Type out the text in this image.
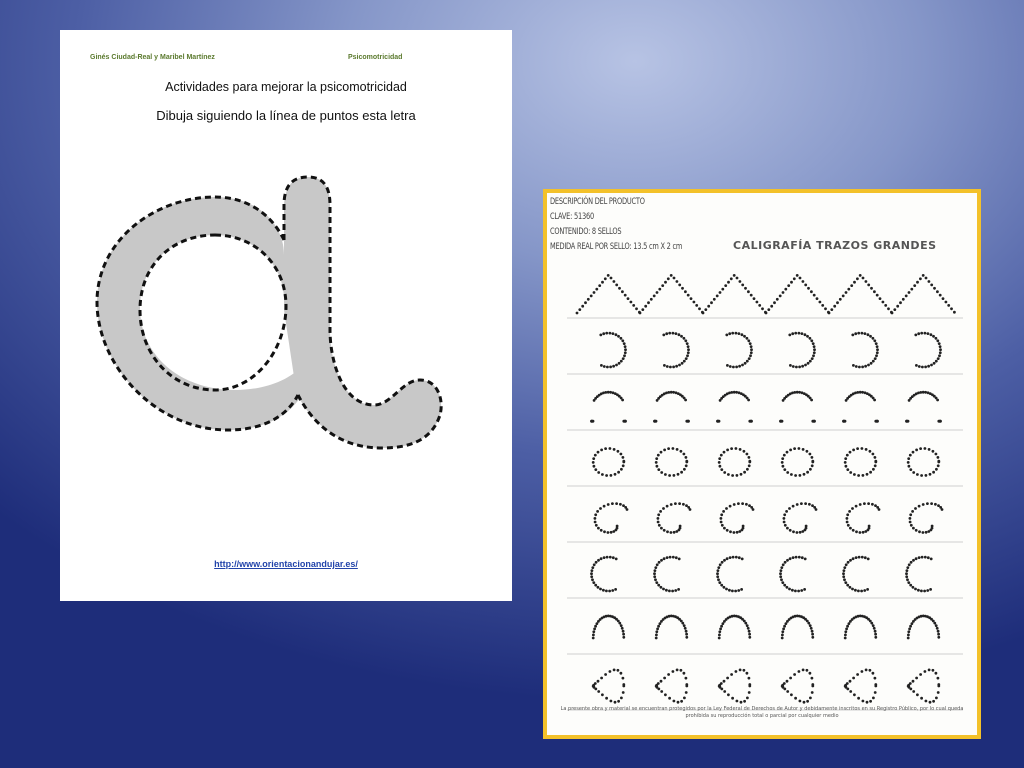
Ginés Ciudad-Real y Maribel Martínez	Psicomotricidad
Actividades para mejorar la psicomotricidad
Dibuja siguiendo la línea de puntos esta letra
http://www.orientacionandujar.es/
DESCRIPCIÓN DEL PRODUCTO
CLAVE: 51360
CONTENIDO: 8 SELLOS
MEDIDA REAL POR SELLO: 13.5 cm X 2 cm	CALIGRAFÍA TRAZOS GRANDES
La presente obra y material se encuentran protegidos por la Ley Federal de Derechos de Autor y debidamente inscritos en su Registro Público, por lo cual queda prohibida su reproducción total o parcial por cualquier medio
